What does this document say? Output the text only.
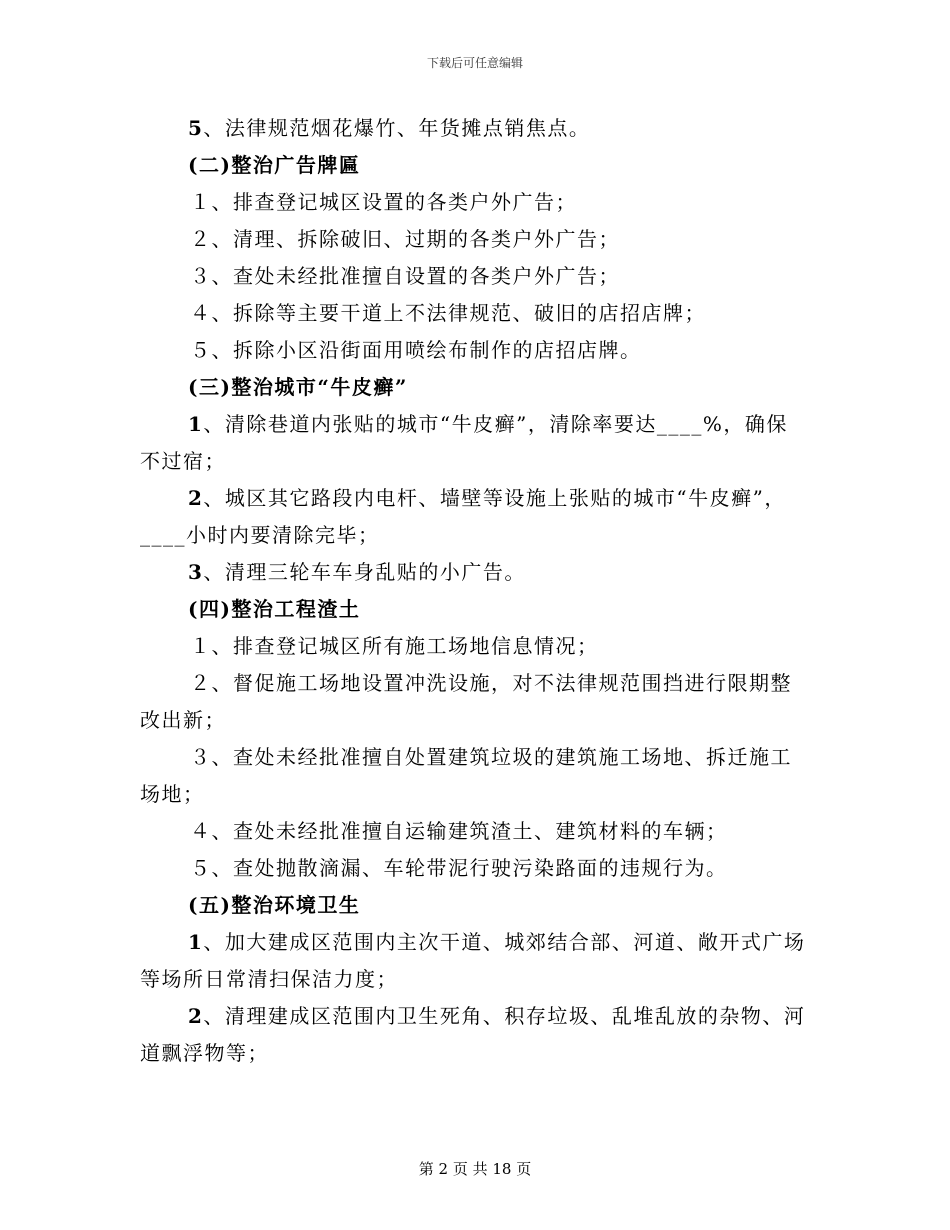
下载后可任意编辑

5、法律规范烟花爆竹、年货摊点销焦点。

(二)整治广告牌匾

１、排查登记城区设置的各类户外广告；

２、清理、拆除破旧、过期的各类户外广告；

３、查处未经批准擅自设置的各类户外广告；

４、拆除等主要干道上不法律规范、破旧的店招店牌；

５、拆除小区沿街面用喷绘布制作的店招店牌。

(三)整治城市“牛皮癣”

1、清除巷道内张贴的城市“牛皮癣”，清除率要达____%，确保

不过宿；

2、城区其它路段内电杆、墙壁等设施上张贴的城市“牛皮癣”，

____小时内要清除完毕；

3、清理三轮车车身乱贴的小广告。

(四)整治工程渣土

１、排查登记城区所有施工场地信息情况；

２、督促施工场地设置冲洗设施，对不法律规范围挡进行限期整

改出新；

３、查处未经批准擅自处置建筑垃圾的建筑施工场地、拆迁施工

场地；

４、查处未经批准擅自运输建筑渣土、建筑材料的车辆；

５、查处抛散滴漏、车轮带泥行驶污染路面的违规行为。

(五)整治环境卫生

1、加大建成区范围内主次干道、城郊结合部、河道、敞开式广场

等场所日常清扫保洁力度；

2、清理建成区范围内卫生死角、积存垃圾、乱堆乱放的杂物、河

道飘浮物等；

第 2 页 共 18 页
